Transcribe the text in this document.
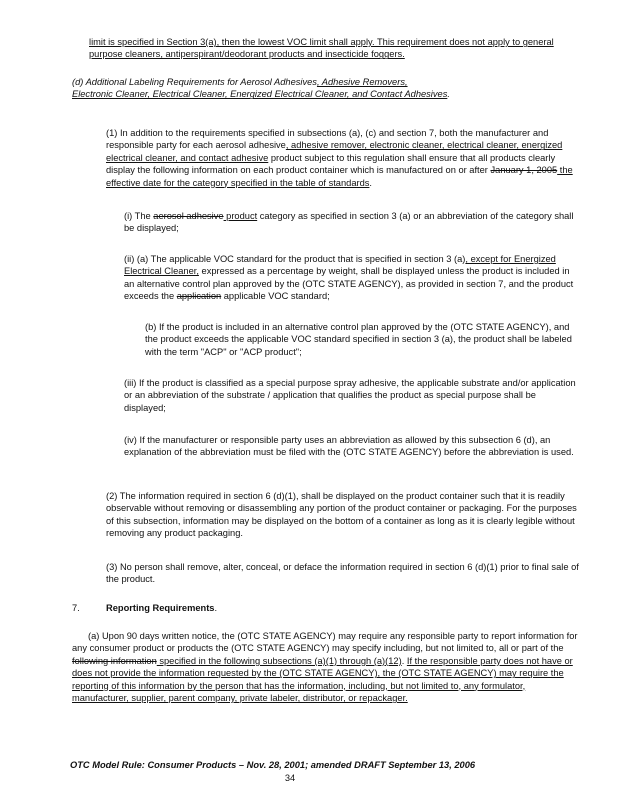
limit is specified in Section 3(a), then the lowest VOC limit shall apply. This requirement does not apply to general purpose cleaners, antiperspirant/deodorant products and insecticide foggers.
(d) Additional Labeling Requirements for Aerosol Adhesives, Adhesive Removers,
Electronic Cleaner, Electrical Cleaner, Energized Electrical Cleaner, and Contact Adhesives.
(1) In addition to the requirements specified in subsections (a), (c) and section 7, both the manufacturer and responsible party for each aerosol adhesive, adhesive remover, electronic cleaner, electrical cleaner, energized electrical cleaner, and contact adhesive product subject to this regulation shall ensure that all products clearly display the following information on each product container which is manufactured on or after January 1, 2005 the effective date for the category specified in the table of standards.
(i) The aerosol adhesive product category as specified in section 3 (a) or an abbreviation of the category shall be displayed;
(ii) (a) The applicable VOC standard for the product that is specified in section 3 (a), except for Energized Electrical Cleaner, expressed as a percentage by weight, shall be displayed unless the product is included in an alternative control plan approved by the (OTC STATE AGENCY), as provided in section 7, and the product exceeds the application applicable VOC standard;
(b) If the product is included in an alternative control plan approved by the (OTC STATE AGENCY), and the product exceeds the applicable VOC standard specified in section 3 (a), the product shall be labeled with the term "ACP" or "ACP product";
(iii) If the product is classified as a special purpose spray adhesive, the applicable substrate and/or application or an abbreviation of the substrate / application that qualifies the product as special purpose shall be displayed;
(iv) If the manufacturer or responsible party uses an abbreviation as allowed by this subsection 6 (d), an explanation of the abbreviation must be filed with the (OTC STATE AGENCY) before the abbreviation is used.
(2) The information required in section 6 (d)(1), shall be displayed on the product container such that it is readily observable without removing or disassembling any portion of the product container or packaging. For the purposes of this subsection, information may be displayed on the bottom of a container as long as it is clearly legible without removing any product packaging.
(3) No person shall remove, alter, conceal, or deface the information required in section 6 (d)(1) prior to final sale of the product.
7.	Reporting Requirements.
(a) Upon 90 days written notice, the (OTC STATE AGENCY) may require any responsible party to report information for any consumer product or products the (OTC STATE AGENCY) may specify including, but not limited to, all or part of the following information specified in the following subsections (a)(1) through (a)(12). If the responsible party does not have or does not provide the information requested by the (OTC STATE AGENCY), the (OTC STATE AGENCY) may require the reporting of this information by the person that has the information, including, but not limited to, any formulator, manufacturer, supplier, parent company, private labeler, distributor, or repackager.
OTC Model Rule: Consumer Products – Nov. 28, 2001; amended DRAFT September 13, 2006
34
